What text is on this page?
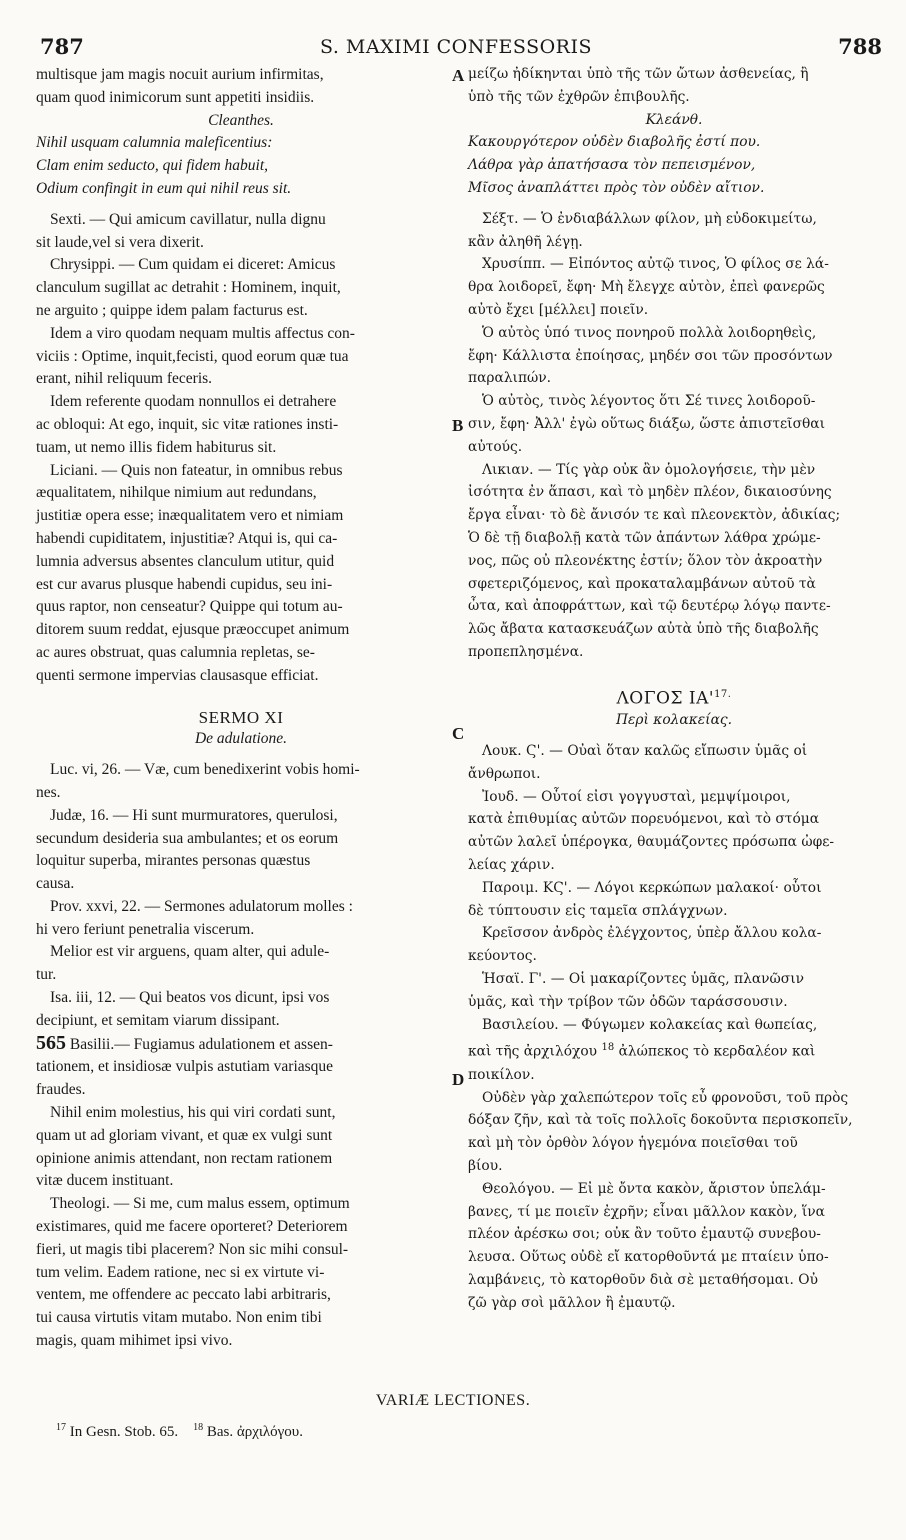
787	S. MAXIMI CONFESSORIS	788
A
B
C
D
multisque jam magis nocuit aurium infirmitas,
quam quod inimicorum sunt appetiti insidiis.
Cleanthes.
Nihil usquam calumnia maleficentius:
Clam enim seducto, qui fidem habuit,
Odium confingit in eum qui nihil reus sit.
Sexti. — Qui amicum cavillatur, nulla dignu
sit laude,vel si vera dixerit.
Chrysippi. — Cum quidam ei diceret: Amicus
clanculum sugillat ac detrahit : Hominem, inquit,
ne arguito ; quippe idem palam facturus est.
Idem a viro quodam nequam multis affectus con-
viciis : Optime, inquit,fecisti, quod eorum quæ tua
erant, nihil reliquum feceris.
Idem referente quodam nonnullos ei detrahere
ac obloqui: At ego, inquit, sic vitæ rationes insti-
tuam, ut nemo illis fidem habiturus sit.
Liciani. — Quis non fateatur, in omnibus rebus
æqualitatem, nihilque nimium aut redundans,
justitiæ opera esse; inæqualitatem vero et nimiam
habendi cupiditatem, injustitiæ? Atqui is, qui ca-
lumnia adversus absentes clanculum utitur, quid
est cur avarus plusque habendi cupidus, seu ini-
quus raptor, non censeatur? Quippe qui totum au-
ditorem suum reddat, ejusque præoccupet animum
ac aures obstruat, quas calumnia repletas, se-
quenti sermone impervias clausasque efficiat.
SERMO XI
De adulatione.
Luc. vi, 26. — Væ, cum benedixerint vobis homi-
nes.
Judæ, 16. — Hi sunt murmuratores, querulosi,
secundum desideria sua ambulantes; et os eorum
loquitur superba, mirantes personas quæstus
causa.
Prov. xxvi, 22. — Sermones adulatorum molles :
hi vero feriunt penetralia viscerum.
Melior est vir arguens, quam alter, qui adule-
tur.
Isa. iii, 12. — Qui beatos vos dicunt, ipsi vos
decipiunt, et semitam viarum dissipant.
565 Basilii.— Fugiamus adulationem et assen-
tationem, et insidiosæ vulpis astutiam variasque
fraudes.
Nihil enim molestius, his qui viri cordati sunt,
quam ut ad gloriam vivant, et quæ ex vulgi sunt
opinione animis attendant, non rectam rationem
vitæ ducem instituant.
Theologi. — Si me, cum malus essem, optimum
existimares, quid me facere oporteret? Deteriorem
fieri, ut magis tibi placerem? Non sic mihi consul-
tum velim. Eadem ratione, nec si ex virtute vi-
ventem, me offendere ac peccato labi arbitraris,
tui causa virtutis vitam mutabo. Non enim tibi
magis, quam mihimet ipsi vivo.
μείζω ἠδίκηνται ὑπὸ τῆς τῶν ὤτων ἀσθενείας, ἢ
ὑπὸ τῆς τῶν ἐχθρῶν ἐπιβουλῆς.
Κλεάνθ.
Κακουργότερον οὐδὲν διαβολῆς ἐστί που.
Λάθρα γὰρ ἀπατήσασα τὸν πεπεισμένον,
Μῖσος ἀναπλάττει πρὸς τὸν οὐδὲν αἴτιον.
Σέξτ. — Ὁ ἐνδιαβάλλων φίλον, μὴ εὐδοκιμείτω,
κἂν ἀληθῆ λέγῃ.
Χρυσίππ. — Εἰπόντος αὐτῷ τινος, Ὁ φίλος σε λά-
θρα λοιδορεῖ, ἔφη· Μὴ ἔλεγχε αὐτὸν, ἐπεὶ φανερῶς
αὐτὸ ἔχει [μέλλει] ποιεῖν.
Ὁ αὐτὸς ὑπό τινος πονηροῦ πολλὰ λοιδορηθεὶς,
ἔφη· Κάλλιστα ἐποίησας, μηδέν σοι τῶν προσόντων
παραλιπών.
Ὁ αὐτὸς, τινὸς λέγοντος ὅτι Σέ τινες λοιδοροῦ-
σιν, ἔφη· Ἀλλ' ἐγὼ οὕτως διάξω, ὥστε ἀπιστεῖσθαι
αὐτούς.
Λικιαν. — Τίς γὰρ οὐκ ἂν ὁμολογήσειε, τὴν μὲν
ἰσότητα ἐν ἅπασι, καὶ τὸ μηδὲν πλέον, δικαιοσύνης
ἔργα εἶναι· τὸ δὲ ἄνισόν τε καὶ πλεονεκτὸν, ἀδικίας;
Ὁ δὲ τῇ διαβολῇ κατὰ τῶν ἀπάντων λάθρα χρώμε-
νος, πῶς οὐ πλεονέκτης ἐστίν; ὅλον τὸν ἀκροατὴν
σφετεριζόμενος, καὶ προκαταλαμβάνων αὐτοῦ τὰ
ὦτα, καὶ ἀποφράττων, καὶ τῷ δευτέρῳ λόγῳ παντε-
λῶς ἄβατα κατασκευάζων αὐτὰ ὑπὸ τῆς διαβολῆς
προπεπλησμένα.
ΛΟΓΟΣ $IA'^{17.}$
Περὶ κολακείας.
Λουκ. Ϛ'. — Οὐαὶ ὅταν καλῶς εἴπωσιν ὑμᾶς οἱ
ἄνθρωποι.
Ἰουδ. — Οὗτοί εἰσι γογγυσταὶ, μεμψίμοιροι,
κατὰ ἐπιθυμίας αὐτῶν πορευόμενοι, καὶ τὸ στόμα
αὐτῶν λαλεῖ ὑπέρογκα, θαυμάζοντες πρόσωπα ὠφε-
λείας χάριν.
Παροιμ. ΚϚ'. — Λόγοι κερκώπων μαλακοί· οὗτοι
δὲ τύπτουσιν εἰς ταμεῖα σπλάγχνων.
Κρεῖσσον ἀνδρὸς ἐλέγχοντος, ὑπὲρ ἄλλου κολα-
κεύοντος.
Ἡσαϊ. Γ'. — Οἱ μακαρίζοντες ὑμᾶς, πλανῶσιν
ὑμᾶς, καὶ τὴν τρίβον τῶν ὁδῶν ταράσσουσιν.
Βασιλείου. — Φύγωμεν κολακείας καὶ θωπείας,
καὶ τῆς ἀρχιλόχου $^{18}$ ἀλώπεκος τὸ κερδαλέον καὶ
ποικίλον.
Οὐδὲν γὰρ χαλεπώτερον τοῖς εὖ φρονοῦσι, τοῦ πρὸς
δόξαν ζῆν, καὶ τὰ τοῖς πολλοῖς δοκοῦντα περισκοπεῖν,
καὶ μὴ τὸν ὀρθὸν λόγον ἡγεμόνα ποιεῖσθαι τοῦ
βίου.
Θεολόγου. — Εἰ μὲ ὄντα κακὸν, ἄριστον ὑπελάμ-
βανες, τί με ποιεῖν ἐχρῆν; εἶναι μᾶλλον κακὸν, ἵνα
πλέον ἀρέσκω σοι; οὐκ ἂν τοῦτο ἐμαυτῷ συνεβου-
λευσα. Οὕτως οὐδὲ εἴ κατορθοῦντά με πταίειν ὑπο-
λαμβάνεις, τὸ κατορθοῦν διὰ σὲ μεταθήσομαι. Οὐ
ζῶ γὰρ σοὶ μᾶλλον ἢ ἐμαυτῷ.
VARIÆ LECTIONES.
$^{17}$ In Gesn. Stob. 65. $^{18}$ Bas. ἀρχιλόγου.
